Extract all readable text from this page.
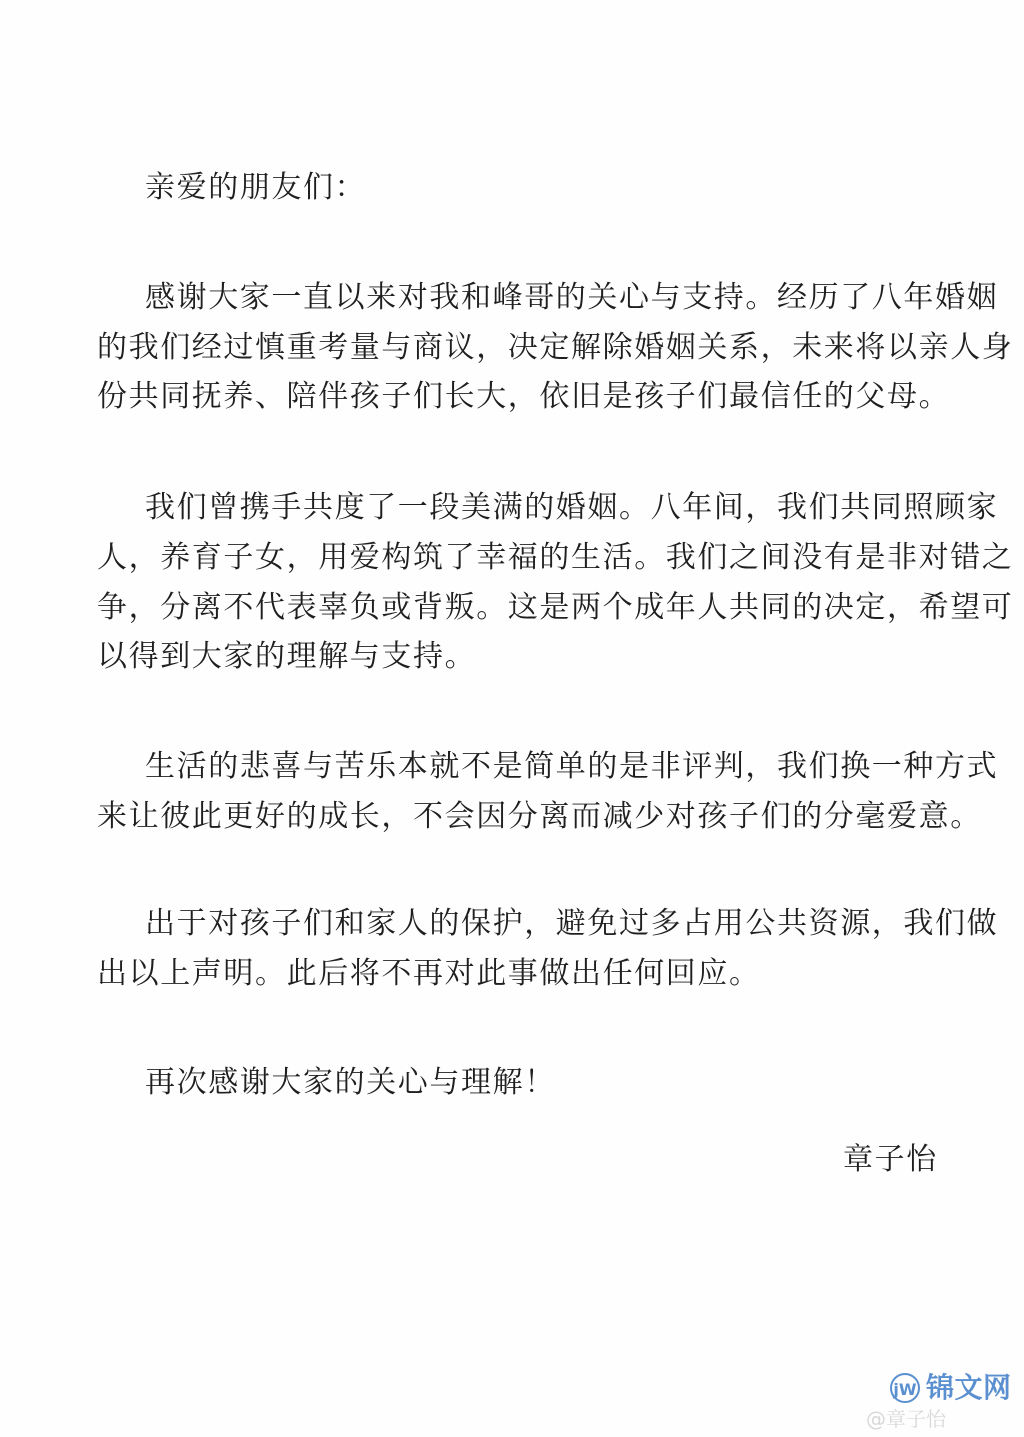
亲爱的朋友们：
感谢大家一直以来对我和峰哥的关心与支持。经历了八年婚姻
的我们经过慎重考量与商议，决定解除婚姻关系，未来将以亲人身
份共同抚养、陪伴孩子们长大，依旧是孩子们最信任的父母。
我们曾携手共度了一段美满的婚姻。八年间，我们共同照顾家
人，养育子女，用爱构筑了幸福的生活。我们之间没有是非对错之
争，分离不代表辜负或背叛。这是两个成年人共同的决定，希望可
以得到大家的理解与支持。
生活的悲喜与苦乐本就不是简单的是非评判，我们换一种方式
来让彼此更好的成长，不会因分离而减少对孩子们的分毫爱意。
出于对孩子们和家人的保护，避免过多占用公共资源，我们做
出以上声明。此后将不再对此事做出任何回应。
再次感谢大家的关心与理解！
章子怡
jW 锦文网
@章子怡
